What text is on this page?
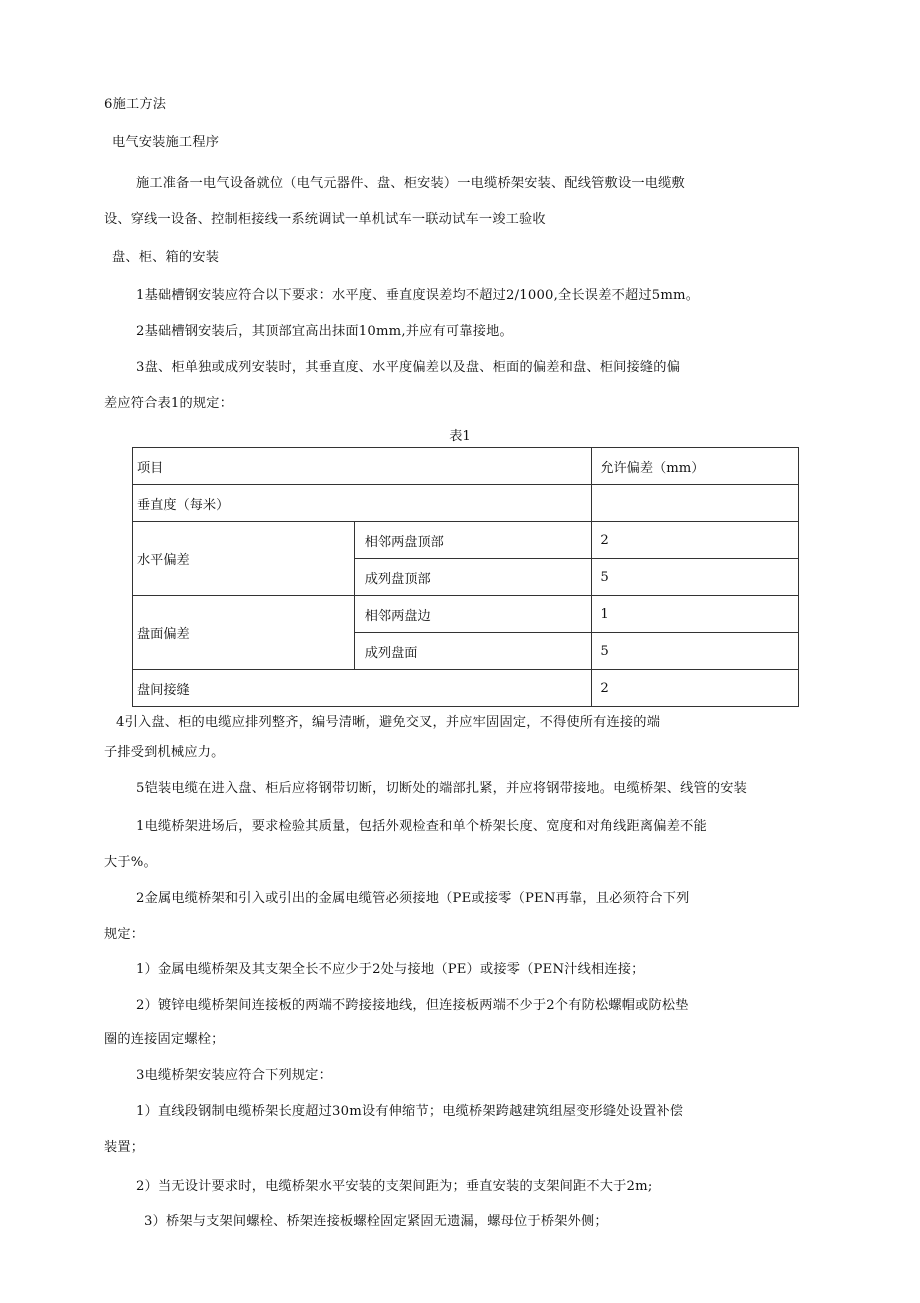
6施工方法
电气安装施工程序
施工准备一电气设备就位（电气元器件、盘、柜安装）一电缆桥架安装、配线管敷设一电缆敷
设、穿线一设备、控制柜接线一系统调试一单机试车一联动试车一竣工验收
盘、柜、箱的安装
1基础槽钢安装应符合以下要求：水平度、垂直度误差均不超过2/1000,全长误差不超过5mm。
2基础槽钢安装后，其顶部宜高出抹面10mm,并应有可靠接地。
3盘、柜单独或成列安装时，其垂直度、水平度偏差以及盘、柜面的偏差和盘、柜间接缝的偏
差应符合表1的规定：
表1
项目		允许偏差（mm）
垂直度（每米）		
水平偏差	相邻两盘顶部	2
	成列盘顶部	5
盘面偏差	相邻两盘边	1
	成列盘面	5
盘间接缝		2
4引入盘、柜的电缆应排列整齐，编号清晰，避免交叉，并应牢固固定，不得使所有连接的端
子排受到机械应力。
5铠装电缆在进入盘、柜后应将钢带切断，切断处的端部扎紧，并应将钢带接地。电缆桥架、线管的安装
1电缆桥架进场后，要求检验其质量，包括外观检查和单个桥架长度、宽度和对角线距离偏差不能
大于%。
2金属电缆桥架和引入或引出的金属电缆管必须接地（PE或接零（PEN再靠，且必须符合下列
规定：
1）金属电缆桥架及其支架全长不应少于2处与接地（PE）或接零（PEN汁线相连接；
2）镀锌电缆桥架间连接板的两端不跨接接地线，但连接板两端不少于2个有防松螺帽或防松垫
圈的连接固定螺栓；
3电缆桥架安装应符合下列规定：
1）直线段钢制电缆桥架长度超过30m设有伸缩节；电缆桥架跨越建筑组屋变形缝处设置补偿
装置；
2）当无设计要求时，电缆桥架水平安装的支架间距为；垂直安装的支架间距不大于2m;
3）桥架与支架间螺栓、桥架连接板螺栓固定紧固无遗漏，螺母位于桥架外侧；
